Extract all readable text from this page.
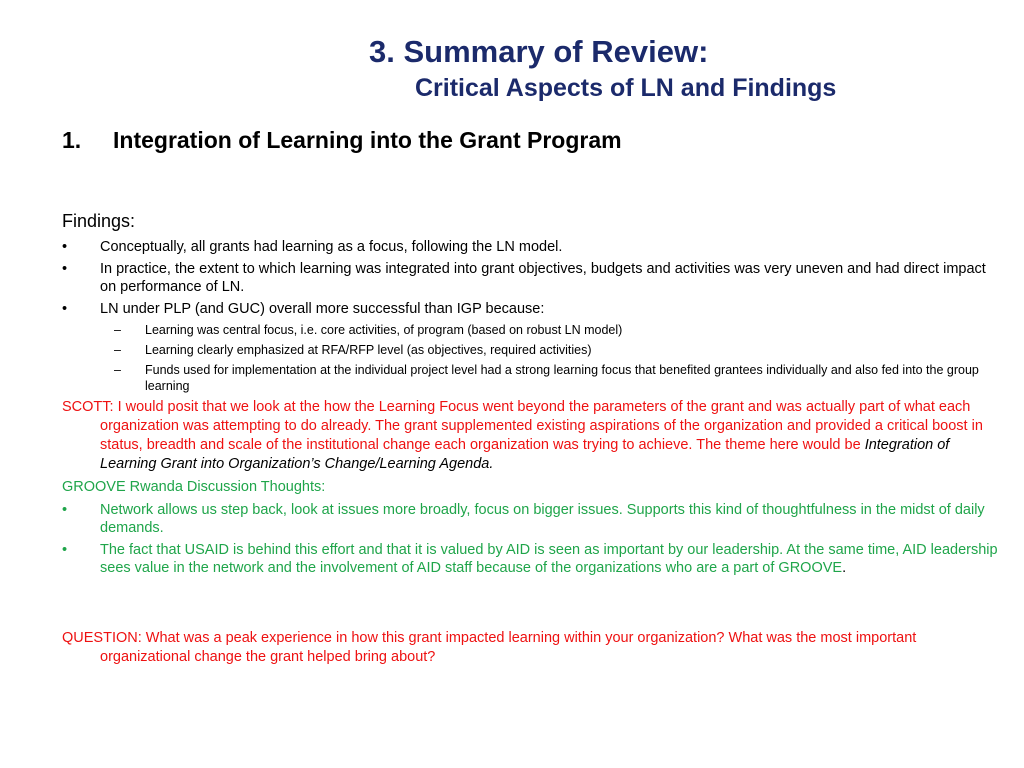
3. Summary of Review:
Critical Aspects of LN and Findings
1. Integration of Learning into the Grant Program
Findings:
• Conceptually, all grants had learning as a focus, following the LN model.
• In practice, the extent to which learning was integrated into grant objectives, budgets and activities was very uneven and had direct impact on performance of LN.
• LN under PLP (and GUC) overall more successful than IGP because:
– Learning was central focus, i.e. core activities, of program (based on robust LN model)
– Learning clearly emphasized at RFA/RFP level (as objectives, required activities)
– Funds used for implementation at the individual project level had a strong learning focus that benefited grantees individually and also fed into the group learning
SCOTT: I would posit that we look at the how the Learning Focus went beyond the parameters of the grant and was actually part of what each organization was attempting to do already. The grant supplemented existing aspirations of the organization and provided a critical boost in status, breadth and scale of the institutional change each organization was trying to achieve. The theme here would be Integration of Learning Grant into Organization’s Change/Learning Agenda.
GROOVE Rwanda Discussion Thoughts:
• Network allows us step back, look at issues more broadly, focus on bigger issues. Supports this kind of thoughtfulness in the midst of daily demands.
• The fact that USAID is behind this effort and that it is valued by AID is seen as important by our leadership. At the same time, AID leadership sees value in the network and the involvement of AID staff because of the organizations who are a part of GROOVE.
QUESTION: What was a peak experience in how this grant impacted learning within your organization? What was the most important organizational change the grant helped bring about?
